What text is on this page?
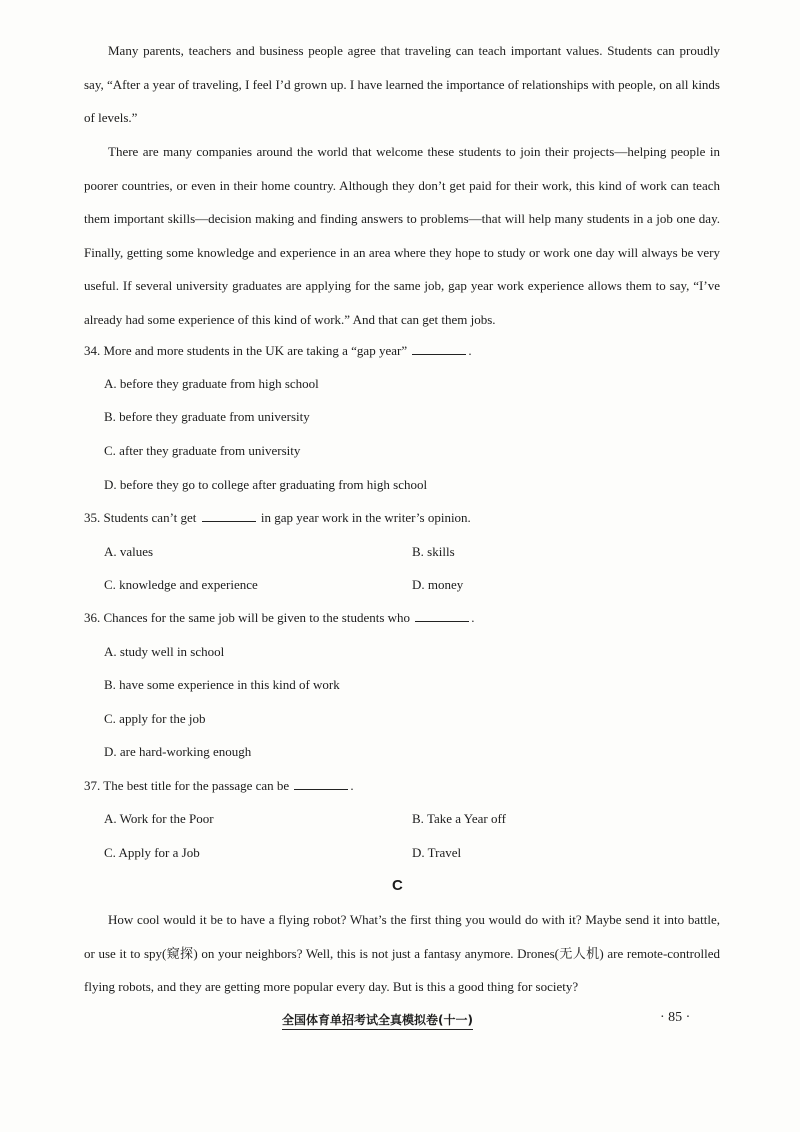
Many parents, teachers and business people agree that traveling can teach important values. Students can proudly say, “After a year of traveling, I feel I’d grown up. I have learned the importance of relationships with people, on all kinds of levels.”
There are many companies around the world that welcome these students to join their projects—helping people in poorer countries, or even in their home country. Although they don’t get paid for their work, this kind of work can teach them important skills—decision making and finding answers to problems—that will help many students in a job one day. Finally, getting some knowledge and experience in an area where they hope to study or work one day will always be very useful. If several university graduates are applying for the same job, gap year work experience allows them to say, “I’ve already had some experience of this kind of work.” And that can get them jobs.
34. More and more students in the UK are taking a “gap year”	.
A. before they graduate from high school
B. before they graduate from university
C. after they graduate from university
D. before they go to college after graduating from high school
35. Students can’t get	in gap year work in the writer’s opinion.
A. values	B. skills
C. knowledge and experience	D. money
36. Chances for the same job will be given to the students who	.
A. study well in school
B. have some experience in this kind of work
C. apply for the job
D. are hard-working enough
37. The best title for the passage can be	.
A. Work for the Poor	B. Take a Year off
C. Apply for a Job	D. Travel
C
How cool would it be to have a flying robot? What’s the first thing you would do with it? Maybe send it into battle, or use it to spy(窥探) on your neighbors? Well, this is not just a fantasy anymore. Drones(无人机) are remote-controlled flying robots, and they are getting more popular every day. But is this a good thing for society?
全国体育单招考试全真模拟卷(十一)	· 85 ·
